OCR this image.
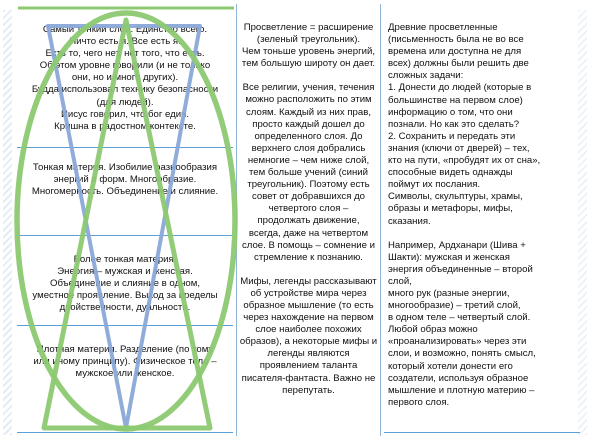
Самый тонкий слой. Единство всего.
Ничто есть я. Все есть я.
Есть то, чего нет, нет того, что есть.
Об этом уровне говорили (и не только
они, но и много других).
Будда использовал технику безопасности
(для людей).
Иисус говорил, что бог един.
Кришна в радостном контексте.
Тонкая материя. Изобилие разнообразия
энергий и форм. Многообразие.
Многомерность. Объединение и слияние.
Более тонкая материя.
Энергия – мужская и женская.
Объединение и слияние в одном,
уместное проявление. Выход за пределы
двойственности, дуальности.
Плотная материя. Разделение (по тому
или иному принципу). Физическое тело –
мужское или женское.
Просветление = расширение
(зеленый треугольник).
Чем тоньше уровень энергий,
тем большую широту он дает.
Все религии, учения, течения
можно расположить по этим
слоям. Каждый из них прав,
просто каждый дошел до
определенного слоя. До
верхнего слоя добрались
немногие – чем ниже слой,
тем больше учений (синий
треугольник). Поэтому есть
совет от добравшихся до
четвертого слоя –
продолжать движение,
всегда, даже на четвертом
слое. В помощь – сомнение и
стремление к познанию.
Мифы, легенды рассказывают
об устройстве мира через
образное мышление (то есть
через нахождение на первом
слое наиболее похожих
образов), а некоторые мифы и
легенды являются
проявлением таланта
писателя-фантаста. Важно не
перепутать.
Древние просветленные
(письменность была не во все
времена или доступна не для
всех) должны были решить две
сложных задачи:
1. Донести до людей (которые в
большинстве на первом слое)
информацию о том, что они
познали. Но как это сделать?
2. Сохранить и передать эти
знания (ключи от дверей) – тех,
кто на пути, «пробудят их от сна»,
способные видеть однажды
поймут их послания.
Символы, скульптуры, храмы,
образы и метафоры, мифы,
сказания.
Например, Ардханари (Шива +
Шакти): мужская и женская
энергия объединенные – второй
слой,
много рук (разные энергии,
многообразие) – третий слой,
в одном теле – четвертый слой.
Любой образ можно
«проанализировать» через эти
слои, и возможно, понять смысл,
который хотели донести его
создатели, используя образное
мышление и плотную материю –
первого слоя.
